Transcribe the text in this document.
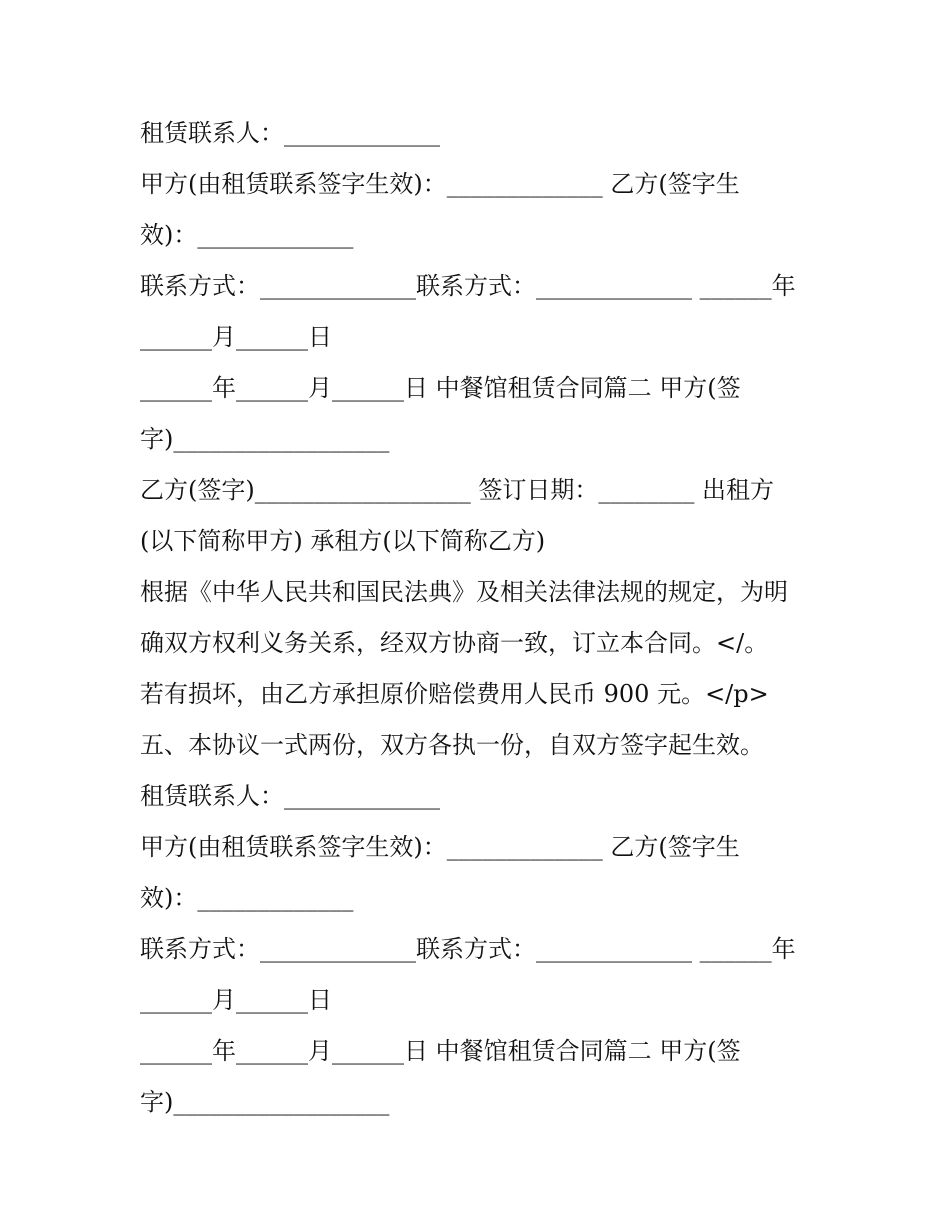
租赁联系人：_____________
甲方(由租赁联系签字生效)：_____________ 乙方(签字生
效)：_____________
联系方式：_____________联系方式：_____________ ______年
______月______日
______年______月______日 中餐馆租赁合同篇二 甲方(签
字)__________________
乙方(签字)__________________ 签订日期：________ 出租方
(以下简称甲方) 承租方(以下简称乙方)
根据《中华人民共和国民法典》及相关法律法规的规定，为明
确双方权利义务关系，经双方协商一致，订立本合同。</。
若有损坏，由乙方承担原价赔偿费用人民币 900 元。</p>
五、本协议一式两份，双方各执一份，自双方签字起生效。
租赁联系人：_____________
甲方(由租赁联系签字生效)：_____________ 乙方(签字生
效)：_____________
联系方式：_____________联系方式：_____________ ______年
______月______日
______年______月______日 中餐馆租赁合同篇二 甲方(签
字)__________________
